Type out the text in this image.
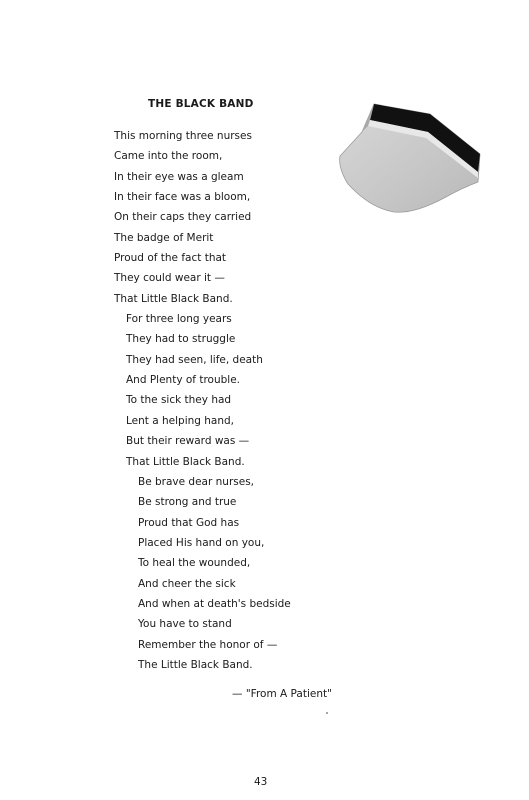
THE BLACK BAND
This morning three nurses
Came into the room,
In their eye was a gleam
In their face was a bloom,
On their caps they carried
The badge of Merit
Proud of the fact that
They could wear it —
That Little Black Band.
For three long years
They had to struggle
They had seen, life, death
And Plenty of trouble.
To the sick they had
Lent a helping hand,
But their reward was —
That Little Black Band.
Be brave dear nurses,
Be strong and true
Proud that God has
Placed His hand on you,
To heal the wounded,
And cheer the sick
And when at death's bedside
You have to stand
Remember the honor of —
The Little Black Band.
— "From A Patient"
43
